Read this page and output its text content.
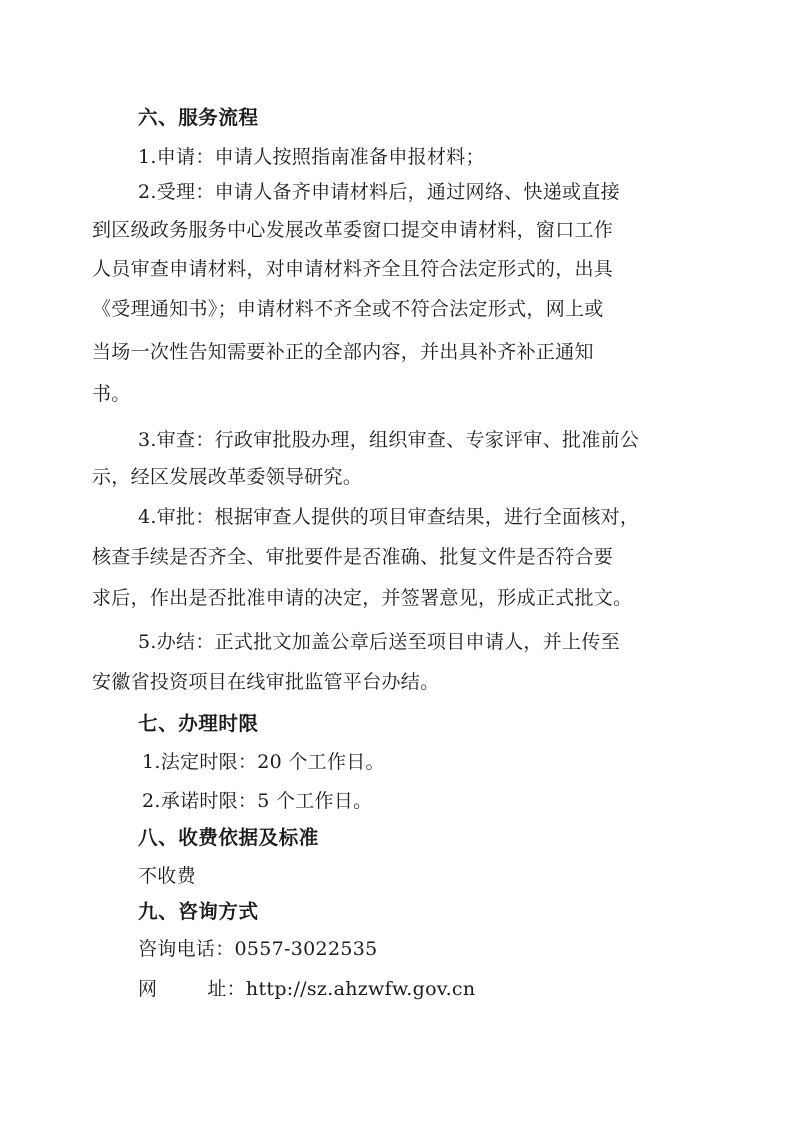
六、服务流程
1.申请：申请人按照指南准备申报材料；
2.受理：申请人备齐申请材料后，通过网络、快递或直接
到区级政务服务中心发展改革委窗口提交申请材料，窗口工作
人员审查申请材料，对申请材料齐全且符合法定形式的，出具
《受理通知书》；申请材料不齐全或不符合法定形式，网上或
当场一次性告知需要补正的全部内容，并出具补齐补正通知
书。
3.审查：行政审批股办理，组织审查、专家评审、批准前公
示，经区发展改革委领导研究。
4.审批：根据审查人提供的项目审查结果，进行全面核对，
核查手续是否齐全、审批要件是否准确、批复文件是否符合要
求后，作出是否批准申请的决定，并签署意见，形成正式批文。
5.办结：正式批文加盖公章后送至项目申请人，并上传至
安徽省投资项目在线审批监管平台办结。
七、办理时限
1.法定时限：20 个工作日。
2.承诺时限：5 个工作日。
八、收费依据及标准
不收费
九、咨询方式
咨询电话：0557-3022535
网	址：http://sz.ahzwfw.gov.cn
